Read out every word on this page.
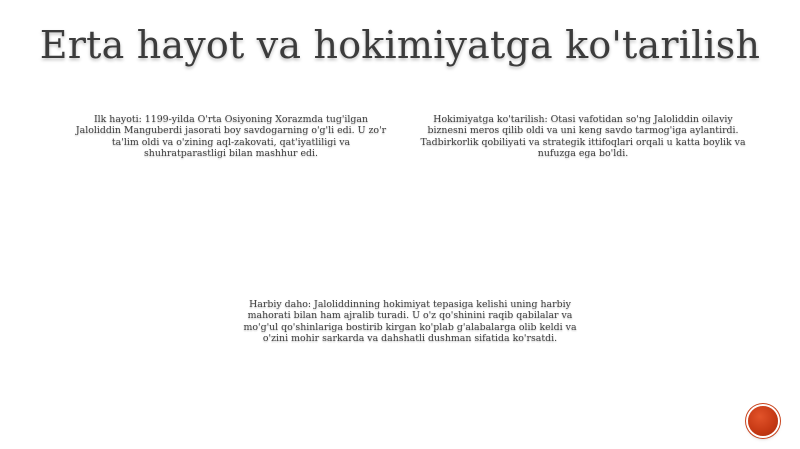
Erta hayot va hokimiyatga ko'tarilish
Ilk hayoti: 1199-yilda O'rta Osiyoning Xorazmda tug'ilgan Jaloliddin Manguberdi jasorati boy savdogarning o'g'li edi. U zo'r ta'lim oldi va o'zining aql-zakovati, qat'iyatliligi va shuhratparastligi bilan mashhur edi.
Hokimiyatga ko'tarilish: Otasi vafotidan so'ng Jaloliddin oilaviy biznesni meros qilib oldi va uni keng savdo tarmog'iga aylantirdi. Tadbirkorlik qobiliyati va strategik ittifoqlari orqali u katta boylik va nufuzga ega bo'ldi.
Harbiy daho: Jaloliddinning hokimiyat tepasiga kelishi uning harbiy mahorati bilan ham ajralib turadi. U o'z qo'shinini raqib qabilalar va mo'g'ul qo'shinlariga bostirib kirgan ko'plab g'alabalarga olib keldi va o'zini mohir sarkarda va dahshatli dushman sifatida ko'rsatdi.
